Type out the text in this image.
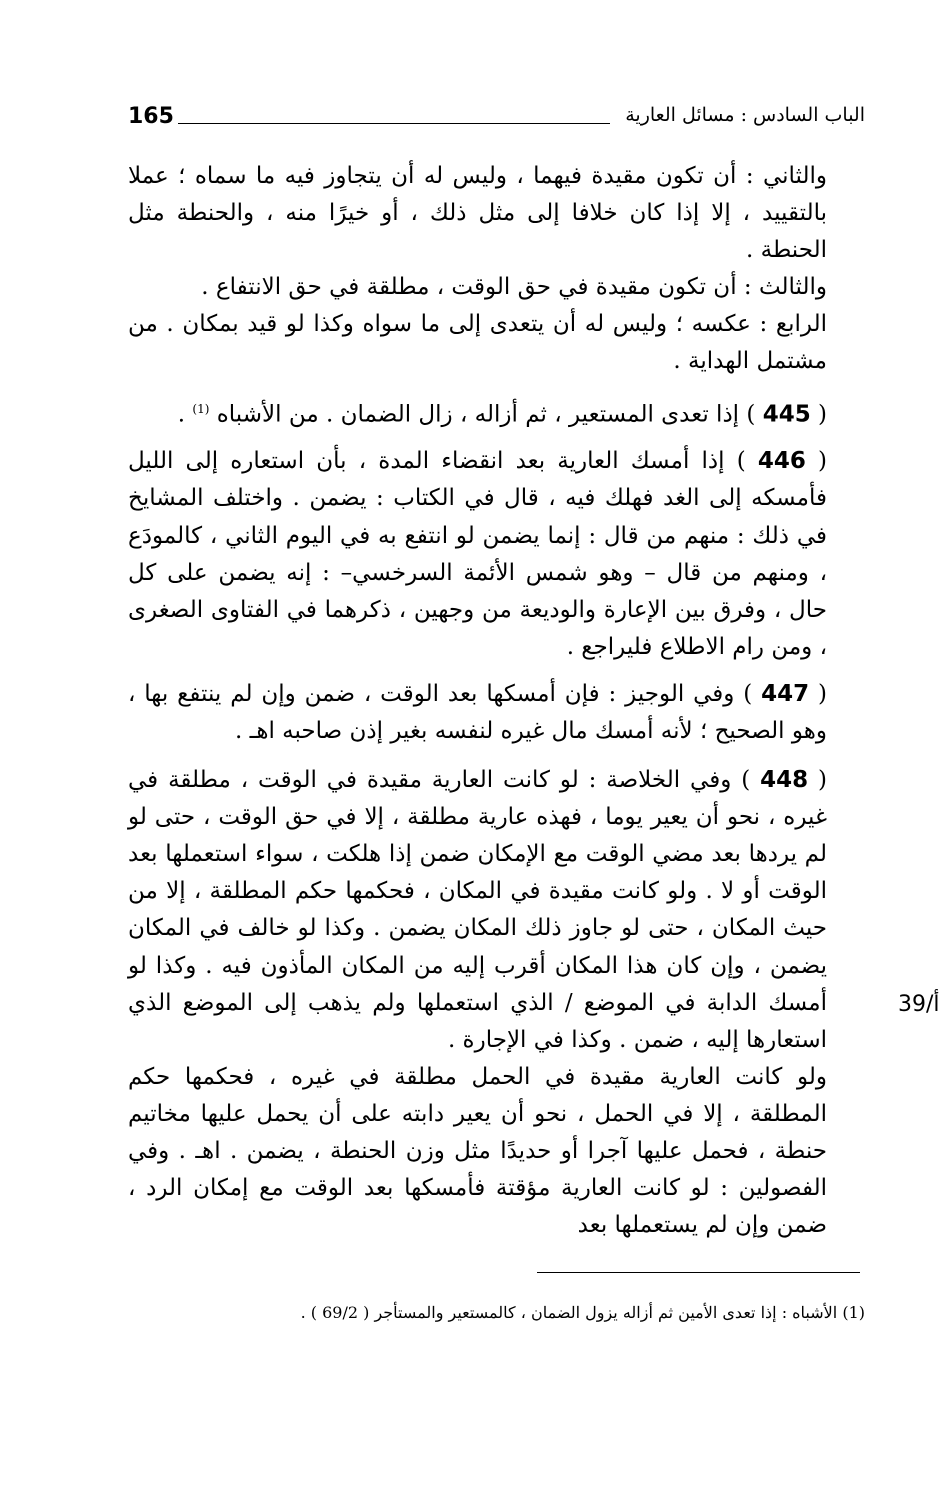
165	الباب السادس : مسائل العارية

والثاني : أن تكون مقيدة فيهما ، وليس له أن يتجاوز فيه ما سماه ؛ عملا بالتقييد ، إلا إذا كان خلافا إلى مثل ذلك ، أو خيرًا منه ، والحنطة مثل الحنطة .

والثالث : أن تكون مقيدة في حق الوقت ، مطلقة في حق الانتفاع .

الرابع : عكسه ؛ وليس له أن يتعدى إلى ما سواه وكذا لو قيد بمكان . من مشتمل الهداية .

( 445 ) إذا تعدى المستعير ، ثم أزاله ، زال الضمان . من الأشباه $^{(1)}$ .

( 446 ) إذا أمسك العارية بعد انقضاء المدة ، بأن استعاره إلى الليل فأمسكه إلى الغد فهلك فيه ، قال في الكتاب : يضمن . واختلف المشايخ في ذلك : منهم من قال : إنما يضمن لو انتفع به في اليوم الثاني ، كالمودَع ، ومنهم من قال – وهو شمس الأئمة السرخسي– : إنه يضمن على كل حال ، وفرق بين الإعارة والوديعة من وجهين ، ذكرهما في الفتاوى الصغرى ، ومن رام الاطلاع فليراجع .

( 447 ) وفي الوجيز : فإن أمسكها بعد الوقت ، ضمن وإن لم ينتفع بها ، وهو الصحيح ؛ لأنه أمسك مال غيره لنفسه بغير إذن صاحبه اهـ .

( 448 ) وفي الخلاصة : لو كانت العارية مقيدة في الوقت ، مطلقة في غيره ، نحو أن يعير يوما ، فهذه عارية مطلقة ، إلا في حق الوقت ، حتى لو لم يردها بعد مضي الوقت مع الإمكان ضمن إذا هلكت ، سواء استعملها بعد الوقت أو لا . ولو كانت مقيدة في المكان ، فحكمها حكم المطلقة ، إلا من حيث المكان ، حتى لو جاوز ذلك المكان يضمن . وكذا لو خالف في المكان يضمن ، وإن كان هذا المكان أقرب إليه من المكان المأذون فيه . وكذا لو أمسك الدابة في الموضع / الذي استعملها ولم يذهب إلى الموضع الذي استعارها إليه ، ضمن . وكذا في الإجارة .

ولو كانت العارية مقيدة في الحمل مطلقة في غيره ، فحكمها حكم المطلقة ، إلا في الحمل ، نحو أن يعير دابته على أن يحمل عليها مخاتيم حنطة ، فحمل عليها آجرا أو حديدًا مثل وزن الحنطة ، يضمن . اهـ . وفي الفصولين : لو كانت العارية مؤقتة فأمسكها بعد الوقت مع إمكان الرد ، ضمن وإن لم يستعملها بعد

39/أ
(1) الأشباه : إذا تعدى الأمين ثم أزاله يزول الضمان ، كالمستعير والمستأجر ( 69/2 ) .
